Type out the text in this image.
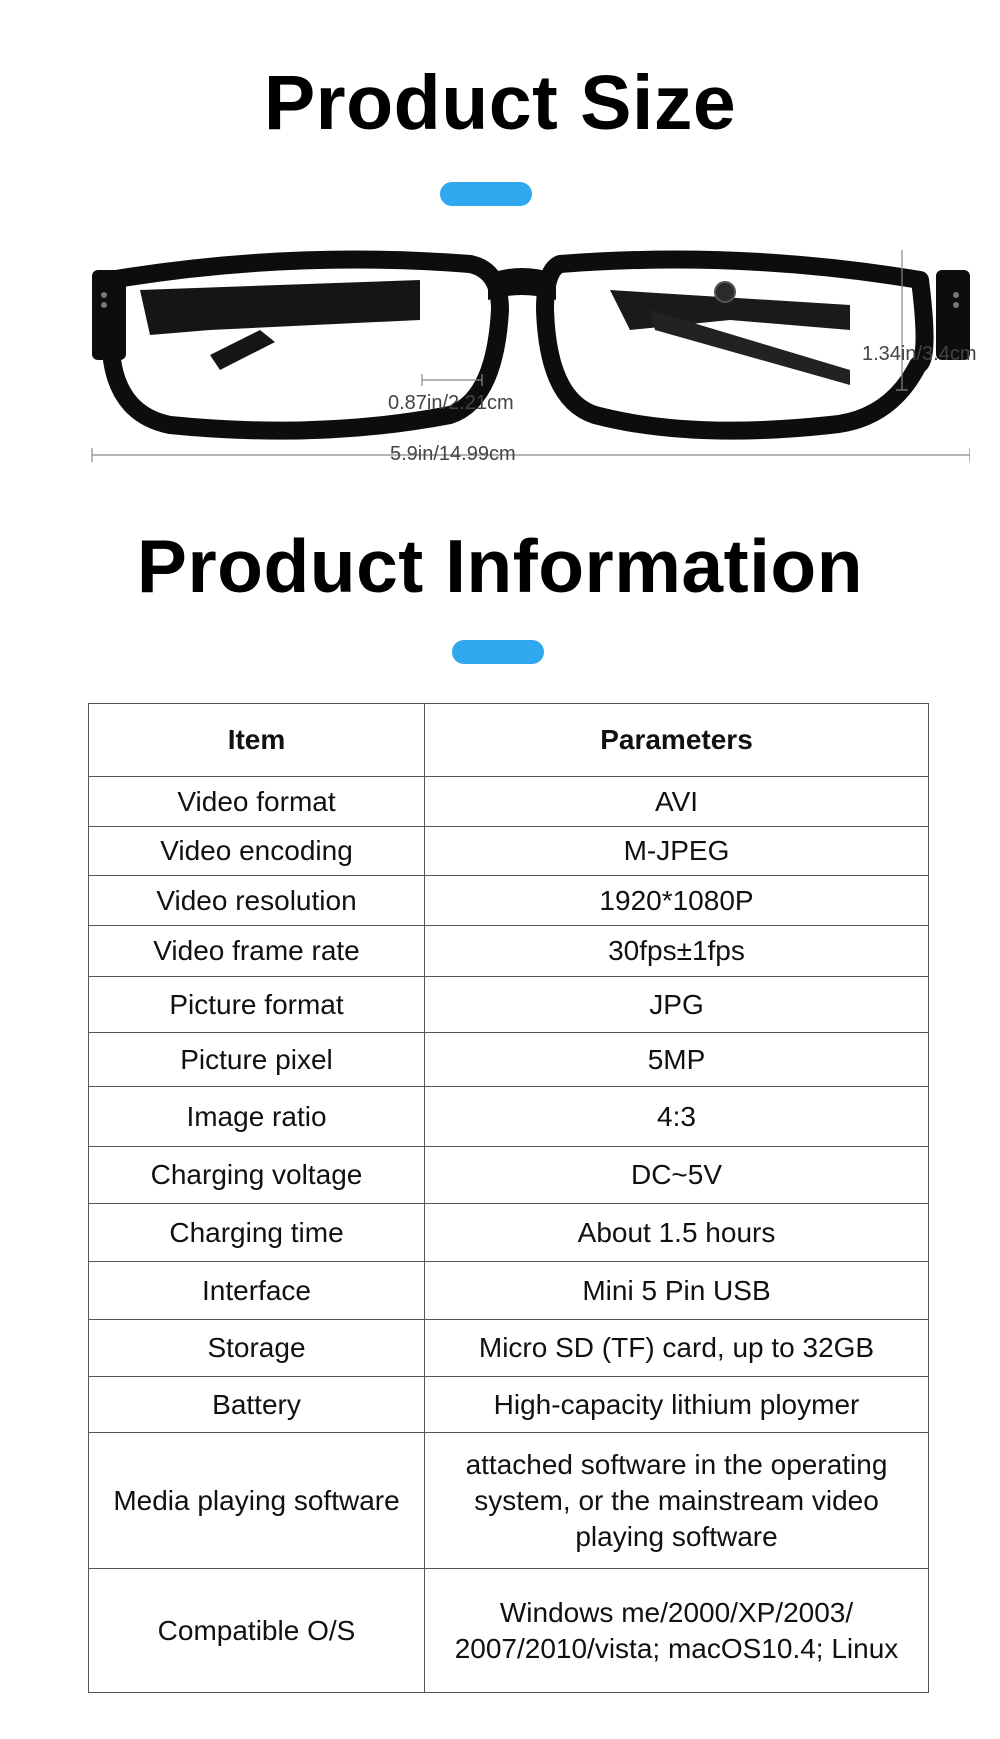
Product Size
1.34in/3.4cm
0.87in/2.21cm
5.9in/14.99cm
Product Information
Item	Parameters
Video format	AVI
Video encoding	M-JPEG
Video resolution	1920*1080P
Video frame rate	30fps±1fps
Picture format	JPG
Picture pixel	5MP
Image ratio	4:3
Charging voltage	DC~5V
Charging time	About 1.5 hours
Interface	Mini 5 Pin USB
Storage	Micro SD (TF) card, up to 32GB
Battery	High-capacity lithium ploymer
Media playing software	attached software in the operating system, or the mainstream video playing software
Compatible O/S	Windows me/2000/XP/2003/ 2007/2010/vista; macOS10.4; Linux
